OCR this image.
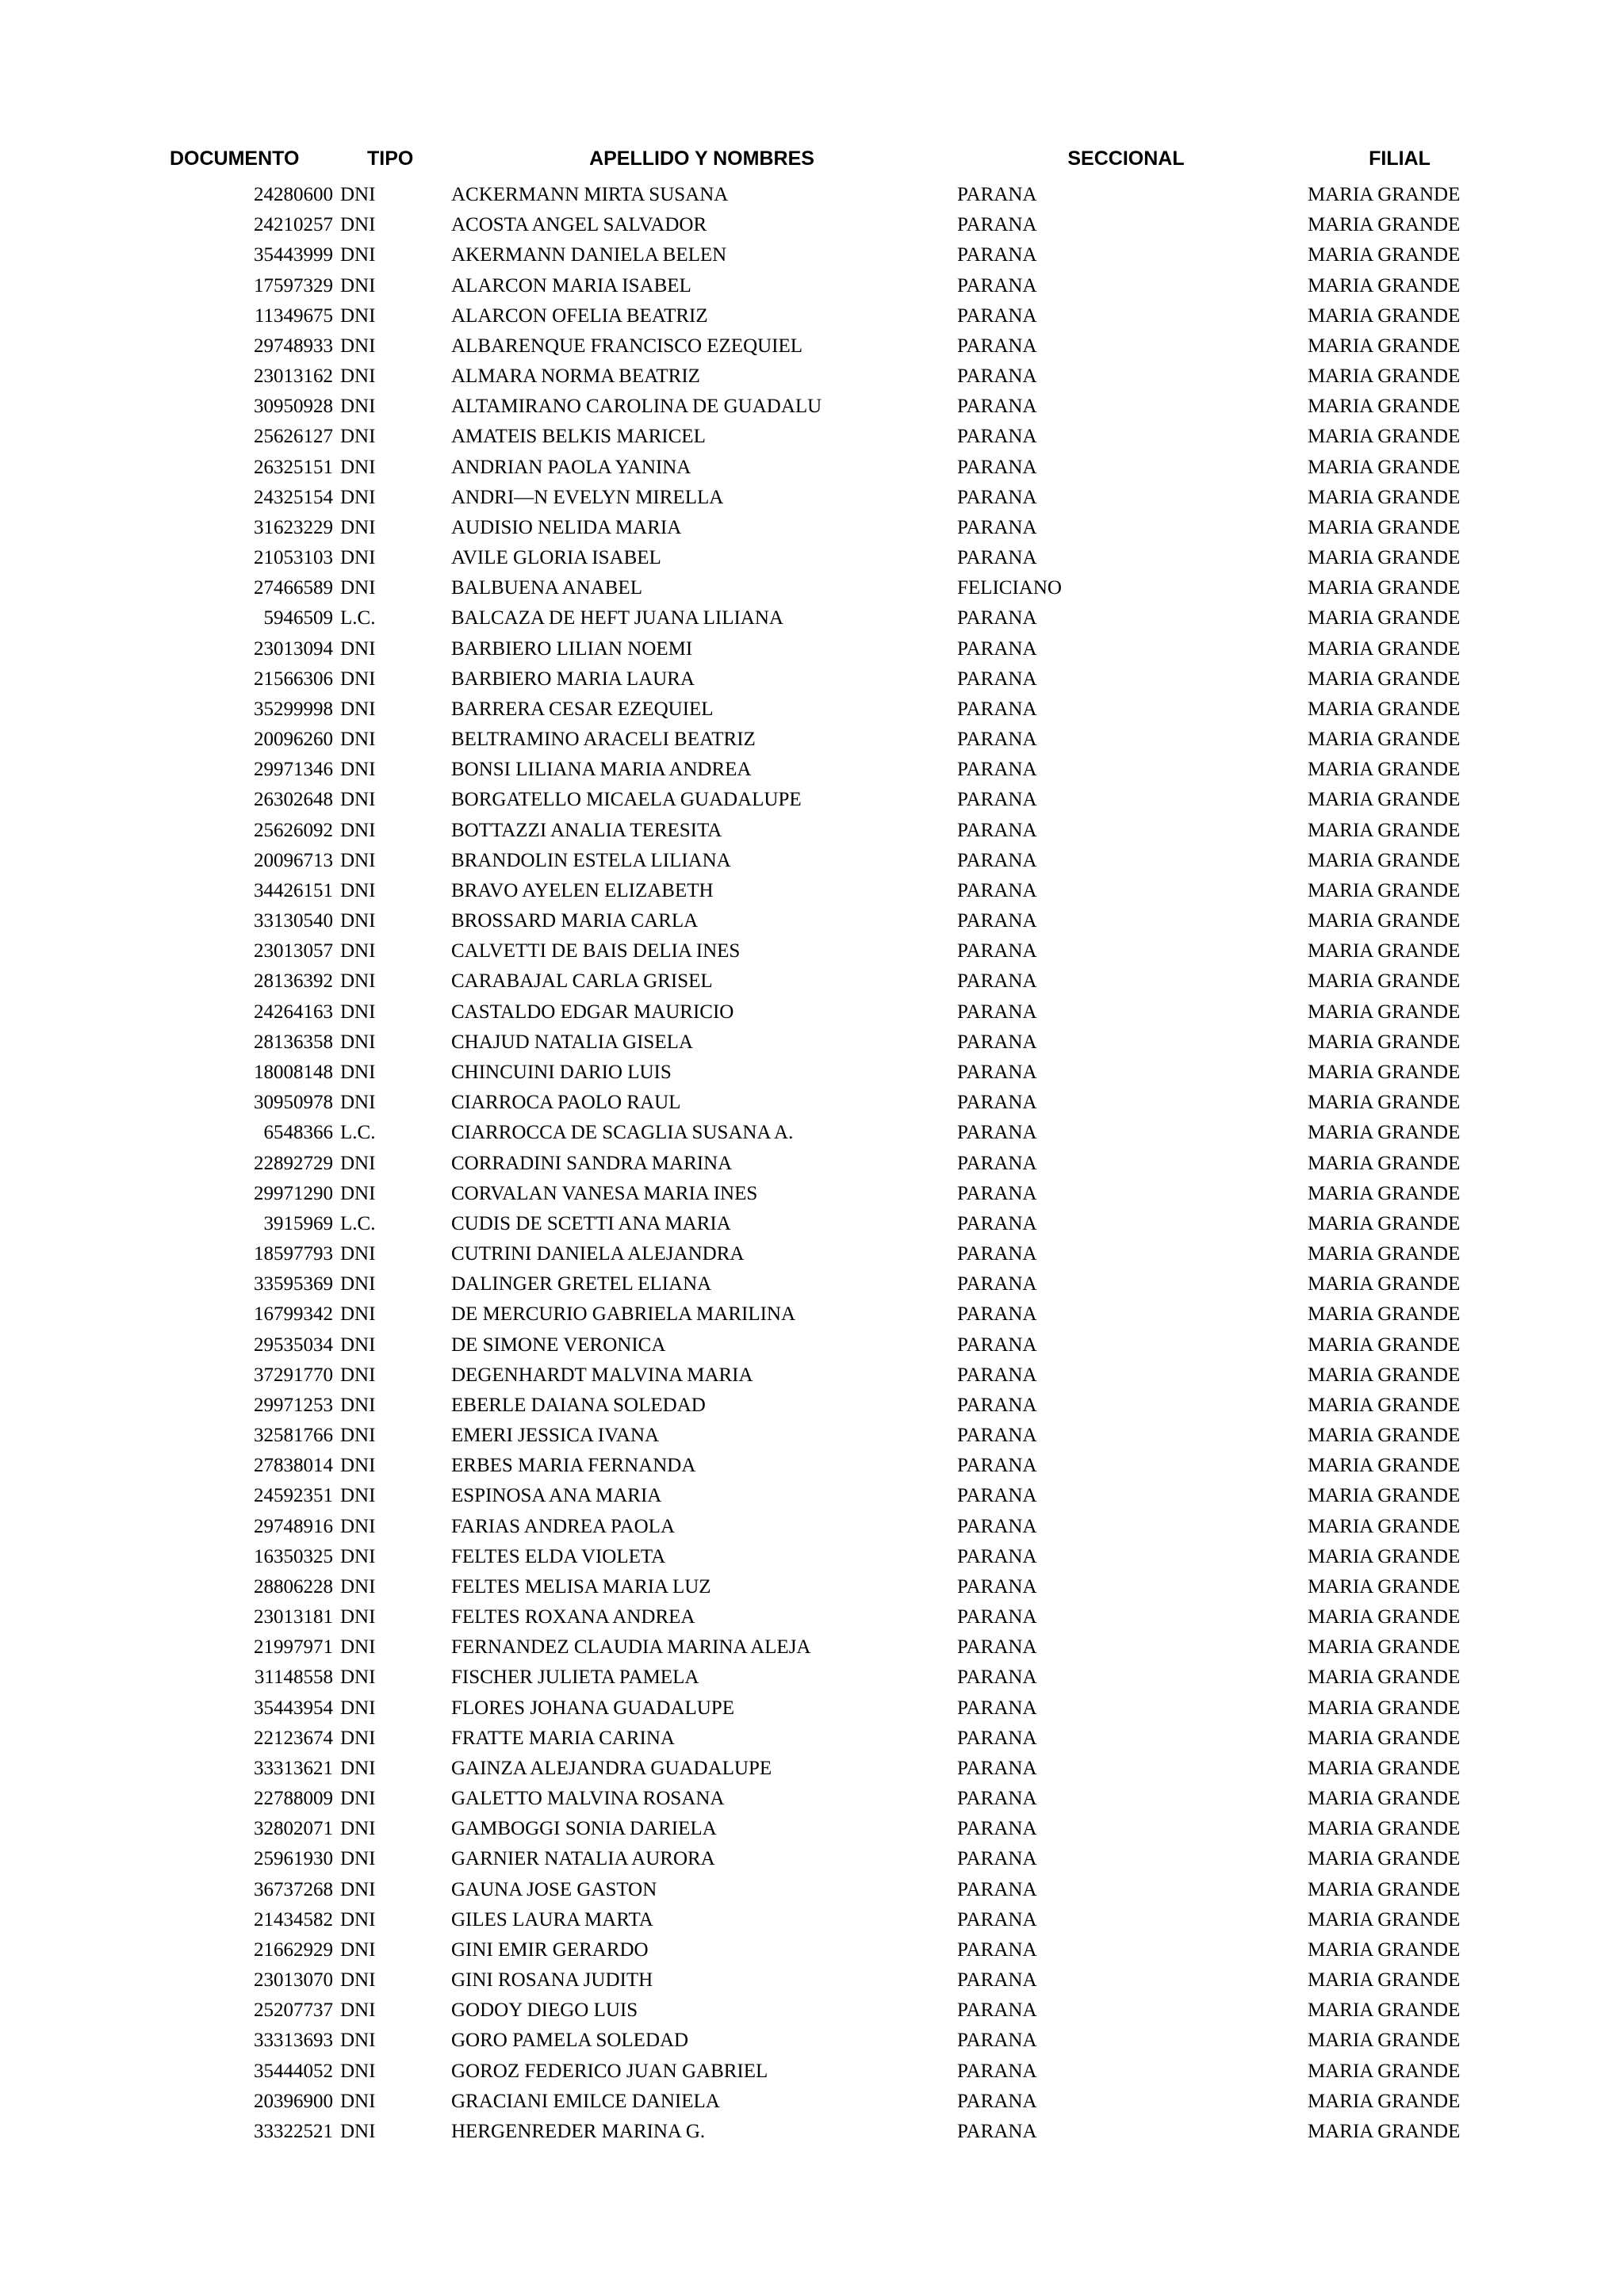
DOCUMENTO	TIPO	APELLIDO Y NOMBRES	SECCIONAL	FILIAL
24280600 DNI	ACKERMANN MIRTA SUSANA	PARANA	MARIA GRANDE
24210257 DNI	ACOSTA ANGEL SALVADOR	PARANA	MARIA GRANDE
35443999 DNI	AKERMANN DANIELA BELEN	PARANA	MARIA GRANDE
17597329 DNI	ALARCON MARIA ISABEL	PARANA	MARIA GRANDE
11349675 DNI	ALARCON OFELIA BEATRIZ	PARANA	MARIA GRANDE
29748933 DNI	ALBARENQUE FRANCISCO EZEQUIEL	PARANA	MARIA GRANDE
23013162 DNI	ALMARA NORMA BEATRIZ	PARANA	MARIA GRANDE
30950928 DNI	ALTAMIRANO CAROLINA DE GUADALU	PARANA	MARIA GRANDE
25626127 DNI	AMATEIS BELKIS MARICEL	PARANA	MARIA GRANDE
26325151 DNI	ANDRIAN PAOLA YANINA	PARANA	MARIA GRANDE
24325154 DNI	ANDRI—N EVELYN MIRELLA	PARANA	MARIA GRANDE
31623229 DNI	AUDISIO NELIDA MARIA	PARANA	MARIA GRANDE
21053103 DNI	AVILE GLORIA ISABEL	PARANA	MARIA GRANDE
27466589 DNI	BALBUENA ANABEL	FELICIANO	MARIA GRANDE
5946509 L.C.	BALCAZA DE HEFT JUANA LILIANA	PARANA	MARIA GRANDE
23013094 DNI	BARBIERO LILIAN NOEMI	PARANA	MARIA GRANDE
21566306 DNI	BARBIERO MARIA LAURA	PARANA	MARIA GRANDE
35299998 DNI	BARRERA CESAR EZEQUIEL	PARANA	MARIA GRANDE
20096260 DNI	BELTRAMINO ARACELI BEATRIZ	PARANA	MARIA GRANDE
29971346 DNI	BONSI LILIANA MARIA ANDREA	PARANA	MARIA GRANDE
26302648 DNI	BORGATELLO MICAELA GUADALUPE	PARANA	MARIA GRANDE
25626092 DNI	BOTTAZZI ANALIA TERESITA	PARANA	MARIA GRANDE
20096713 DNI	BRANDOLIN ESTELA LILIANA	PARANA	MARIA GRANDE
34426151 DNI	BRAVO AYELEN ELIZABETH	PARANA	MARIA GRANDE
33130540 DNI	BROSSARD MARIA CARLA	PARANA	MARIA GRANDE
23013057 DNI	CALVETTI DE BAIS DELIA INES	PARANA	MARIA GRANDE
28136392 DNI	CARABAJAL CARLA GRISEL	PARANA	MARIA GRANDE
24264163 DNI	CASTALDO EDGAR MAURICIO	PARANA	MARIA GRANDE
28136358 DNI	CHAJUD NATALIA GISELA	PARANA	MARIA GRANDE
18008148 DNI	CHINCUINI DARIO LUIS	PARANA	MARIA GRANDE
30950978 DNI	CIARROCA PAOLO RAUL	PARANA	MARIA GRANDE
6548366 L.C.	CIARROCCA DE SCAGLIA SUSANA A.	PARANA	MARIA GRANDE
22892729 DNI	CORRADINI SANDRA MARINA	PARANA	MARIA GRANDE
29971290 DNI	CORVALAN VANESA MARIA INES	PARANA	MARIA GRANDE
3915969 L.C.	CUDIS DE SCETTI ANA MARIA	PARANA	MARIA GRANDE
18597793 DNI	CUTRINI DANIELA ALEJANDRA	PARANA	MARIA GRANDE
33595369 DNI	DALINGER GRETEL ELIANA	PARANA	MARIA GRANDE
16799342 DNI	DE MERCURIO GABRIELA MARILINA	PARANA	MARIA GRANDE
29535034 DNI	DE SIMONE VERONICA	PARANA	MARIA GRANDE
37291770 DNI	DEGENHARDT MALVINA MARIA	PARANA	MARIA GRANDE
29971253 DNI	EBERLE DAIANA SOLEDAD	PARANA	MARIA GRANDE
32581766 DNI	EMERI JESSICA IVANA	PARANA	MARIA GRANDE
27838014 DNI	ERBES MARIA FERNANDA	PARANA	MARIA GRANDE
24592351 DNI	ESPINOSA ANA MARIA	PARANA	MARIA GRANDE
29748916 DNI	FARIAS ANDREA PAOLA	PARANA	MARIA GRANDE
16350325 DNI	FELTES ELDA VIOLETA	PARANA	MARIA GRANDE
28806228 DNI	FELTES MELISA MARIA LUZ	PARANA	MARIA GRANDE
23013181 DNI	FELTES ROXANA ANDREA	PARANA	MARIA GRANDE
21997971 DNI	FERNANDEZ CLAUDIA MARINA ALEJA	PARANA	MARIA GRANDE
31148558 DNI	FISCHER JULIETA PAMELA	PARANA	MARIA GRANDE
35443954 DNI	FLORES JOHANA GUADALUPE	PARANA	MARIA GRANDE
22123674 DNI	FRATTE MARIA CARINA	PARANA	MARIA GRANDE
33313621 DNI	GAINZA ALEJANDRA GUADALUPE	PARANA	MARIA GRANDE
22788009 DNI	GALETTO MALVINA ROSANA	PARANA	MARIA GRANDE
32802071 DNI	GAMBOGGI SONIA DARIELA	PARANA	MARIA GRANDE
25961930 DNI	GARNIER NATALIA AURORA	PARANA	MARIA GRANDE
36737268 DNI	GAUNA JOSE GASTON	PARANA	MARIA GRANDE
21434582 DNI	GILES LAURA MARTA	PARANA	MARIA GRANDE
21662929 DNI	GINI EMIR GERARDO	PARANA	MARIA GRANDE
23013070 DNI	GINI ROSANA JUDITH	PARANA	MARIA GRANDE
25207737 DNI	GODOY DIEGO LUIS	PARANA	MARIA GRANDE
33313693 DNI	GORO PAMELA SOLEDAD	PARANA	MARIA GRANDE
35444052 DNI	GOROZ FEDERICO JUAN GABRIEL	PARANA	MARIA GRANDE
20396900 DNI	GRACIANI EMILCE DANIELA	PARANA	MARIA GRANDE
33322521 DNI	HERGENREDER MARINA G.	PARANA	MARIA GRANDE
